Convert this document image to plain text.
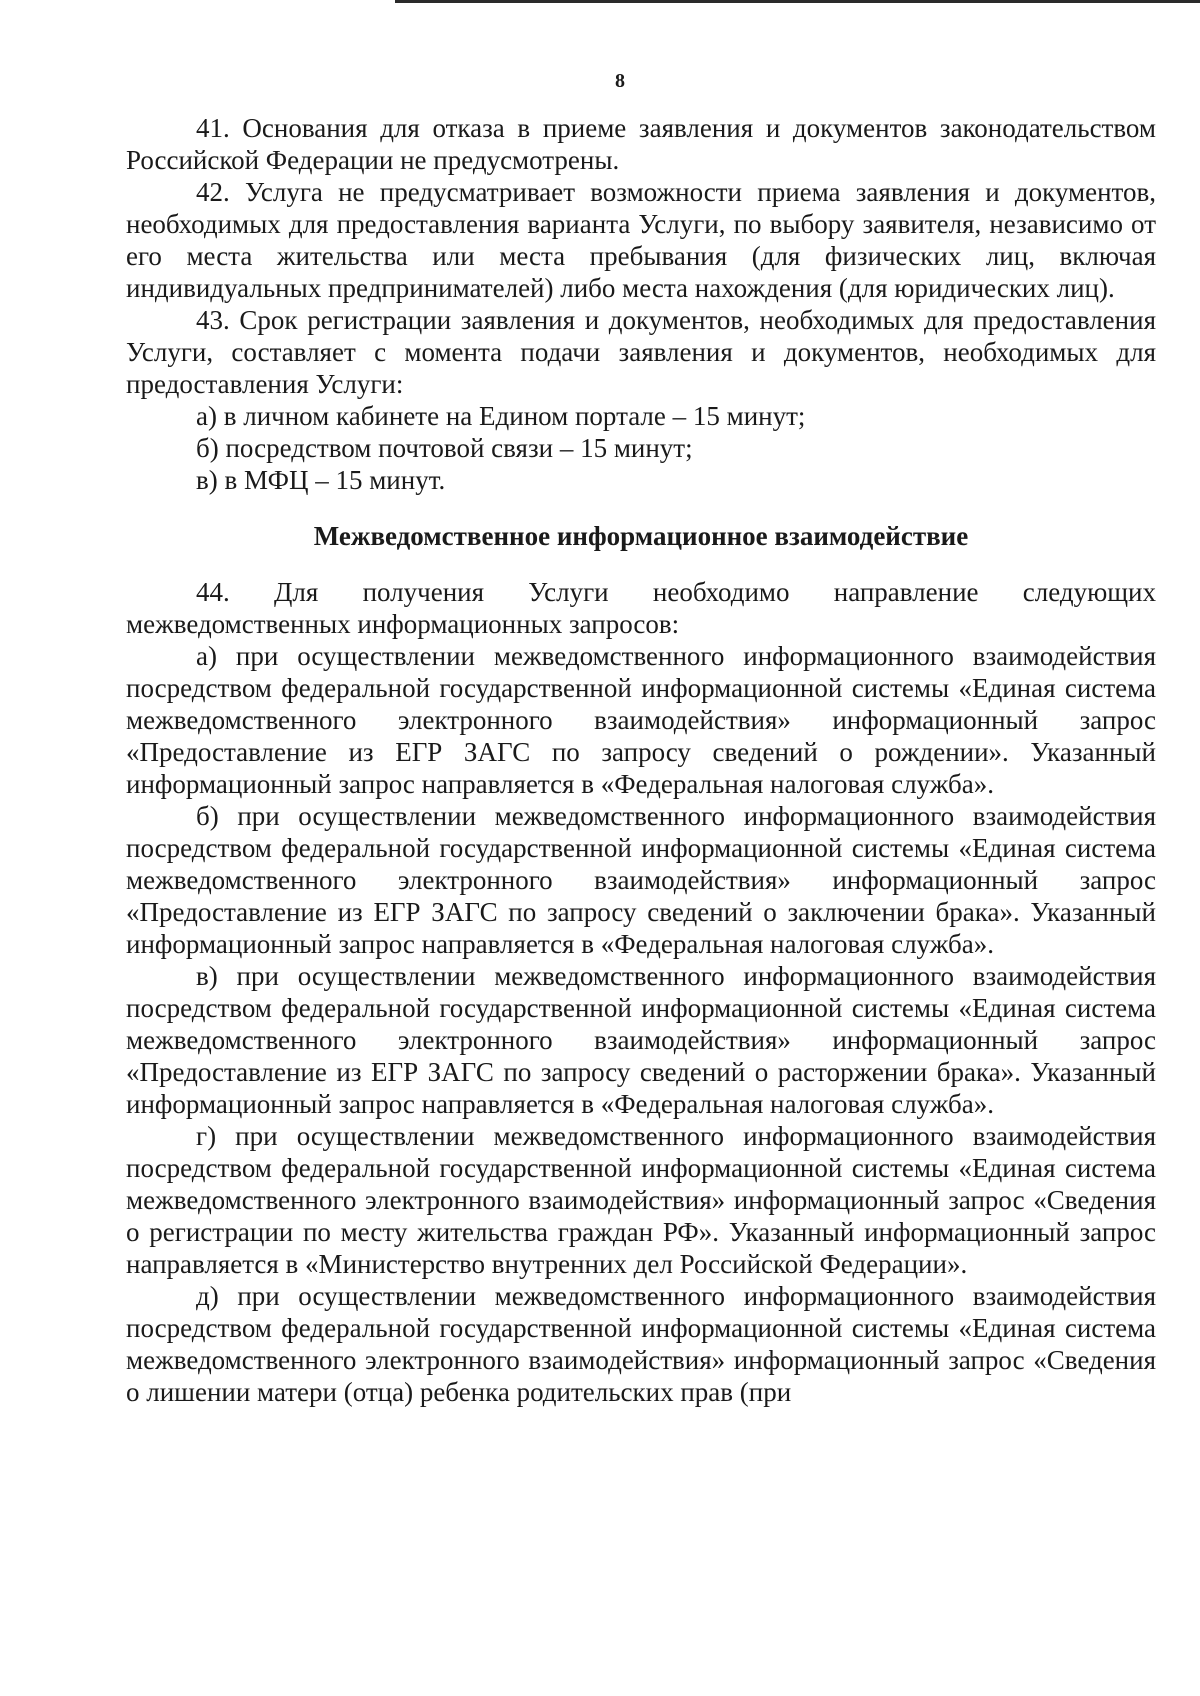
8

41. Основания для отказа в приеме заявления и документов законодательством Российской Федерации не предусмотрены.

42. Услуга не предусматривает возможности приема заявления и документов, необходимых для предоставления варианта Услуги, по выбору заявителя, независимо от его места жительства или места пребывания (для физических лиц, включая индивидуальных предпринимателей) либо места нахождения (для юридических лиц).

43. Срок регистрации заявления и документов, необходимых для предоставления Услуги, составляет с момента подачи заявления и документов, необходимых для предоставления Услуги:

а) в личном кабинете на Едином портале – 15 минут;

б) посредством почтовой связи – 15 минут;

в) в МФЦ – 15 минут.

Межведомственное информационное взаимодействие

44. Для получения Услуги необходимо направление следующих межведомственных информационных запросов:

а) при осуществлении межведомственного информационного взаимодействия посредством федеральной государственной информационной системы «Единая система межведомственного электронного взаимодействия» информационный запрос «Предоставление из ЕГР ЗАГС по запросу сведений о рождении». Указанный информационный запрос направляется в «Федеральная налоговая служба».

б) при осуществлении межведомственного информационного взаимодействия посредством федеральной государственной информационной системы «Единая система межведомственного электронного взаимодействия» информационный запрос «Предоставление из ЕГР ЗАГС по запросу сведений о заключении брака». Указанный информационный запрос направляется в «Федеральная налоговая служба».

в) при осуществлении межведомственного информационного взаимодействия посредством федеральной государственной информационной системы «Единая система межведомственного электронного взаимодействия» информационный запрос «Предоставление из ЕГР ЗАГС по запросу сведений о расторжении брака». Указанный информационный запрос направляется в «Федеральная налоговая служба».

г) при осуществлении межведомственного информационного взаимодействия посредством федеральной государственной информационной системы «Единая система межведомственного электронного взаимодействия» информационный запрос «Сведения о регистрации по месту жительства граждан РФ». Указанный информационный запрос направляется в «Министерство внутренних дел Российской Федерации».

д) при осуществлении межведомственного информационного взаимодействия посредством федеральной государственной информационной системы «Единая система межведомственного электронного взаимодействия» информационный запрос «Сведения о лишении матери (отца) ребенка родительских прав (при
